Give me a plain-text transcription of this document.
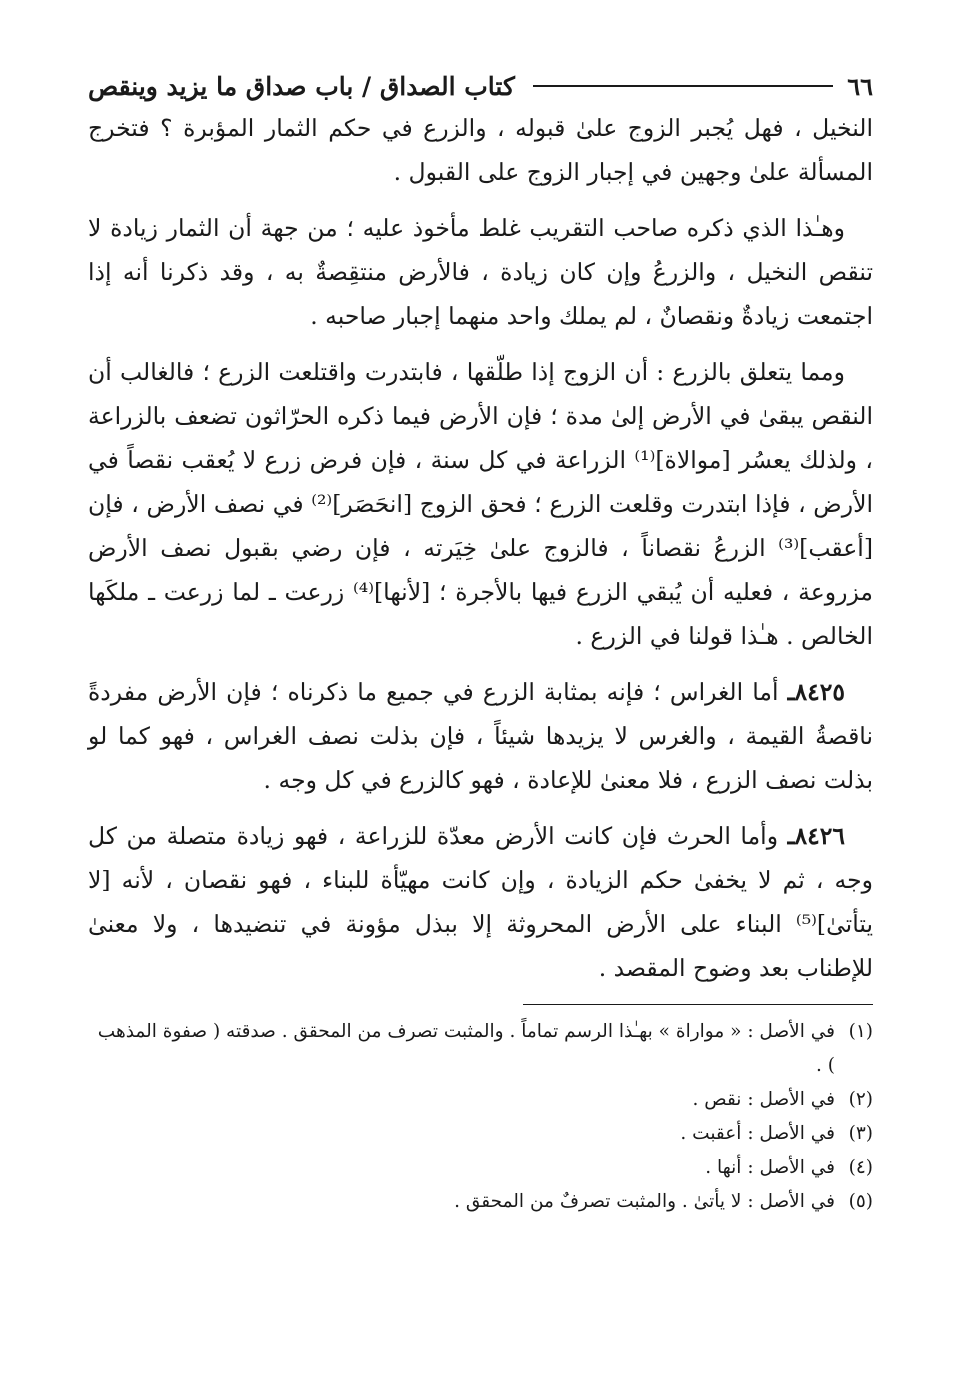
٦٦
كتاب الصداق / باب صداق ما يزيد وينقص

النخيل ، فهل يُجبر الزوج علىٰ قبوله ، والزرع في حكم الثمار المؤبرة ؟ فتخرج المسألة علىٰ وجهين في إجبار الزوج على القبول .

وهـٰذا الذي ذكره صاحب التقريب غلط مأخوذ عليه ؛ من جهة أن الثمار زيادة لا تنقص النخيل ، والزرعُ وإن كان زيادة ، فالأرض منتقِصةٌ به ، وقد ذكرنا أنه إذا اجتمعت زيادةٌ ونقصانٌ ، لم يملك واحد منهما إجبار صاحبه .

ومما يتعلق بالزرع : أن الزوج إذا طلّقها ، فابتدرت واقتلعت الزرع ؛ فالغالب أن النقص يبقىٰ في الأرض إلىٰ مدة ؛ فإن الأرض فيما ذكره الحرّاثون تضعف بالزراعة ، ولذلك يعسُر [موالاة]⁽¹⁾ الزراعة في كل سنة ، فإن فرض زرع لا يُعقب نقصاً في الأرض ، فإذا ابتدرت وقلعت الزرع ؛ فحق الزوج [انحَصَر]⁽²⁾ في نصف الأرض ، فإن [أعقب]⁽³⁾ الزرعُ نقصاناً ، فالزوج علىٰ خِيَرته ، فإن رضي بقبول نصف الأرض مزروعة ، فعليه أن يُبقي الزرع فيها بالأجرة ؛ [لأنها]⁽⁴⁾ زرعت ـ لما زرعت ـ ملكَها الخالص . هـٰذا قولنا في الزرع .

٨٤٢٥ـ أما الغراس ؛ فإنه بمثابة الزرع في جميع ما ذكرناه ؛ فإن الأرض مفردةً ناقصةُ القيمة ، والغرس لا يزيدها شيئاً ، فإن بذلت نصف الغراس ، فهو كما لو بذلت نصف الزرع ، فلا معنىٰ للإعادة ، فهو كالزرع في كل وجه .

٨٤٢٦ـ وأما الحرث فإن كانت الأرض معدّة للزراعة ، فهو زيادة متصلة من كل وجه ، ثم لا يخفىٰ حكم الزيادة ، وإن كانت مهيّأة للبناء ، فهو نقصان ، لأنه [لا يتأتىٰ]⁽⁵⁾ البناء على الأرض المحروثة إلا ببذل مؤونة في تنضيدها ، ولا معنىٰ للإطناب بعد وضوح المقصد .

(١)
في الأصل : « مواراة » بهـٰذا الرسم تماماً . والمثبت تصرف من المحقق . صدقته ( صفوة المذهب ) .
(٢)
في الأصل : نقص .
(٣)
في الأصل : أعقبت .
(٤)
في الأصل : أنها .
(٥)
في الأصل : لا يأتىٰ . والمثبت تصرفٌ من المحقق .
